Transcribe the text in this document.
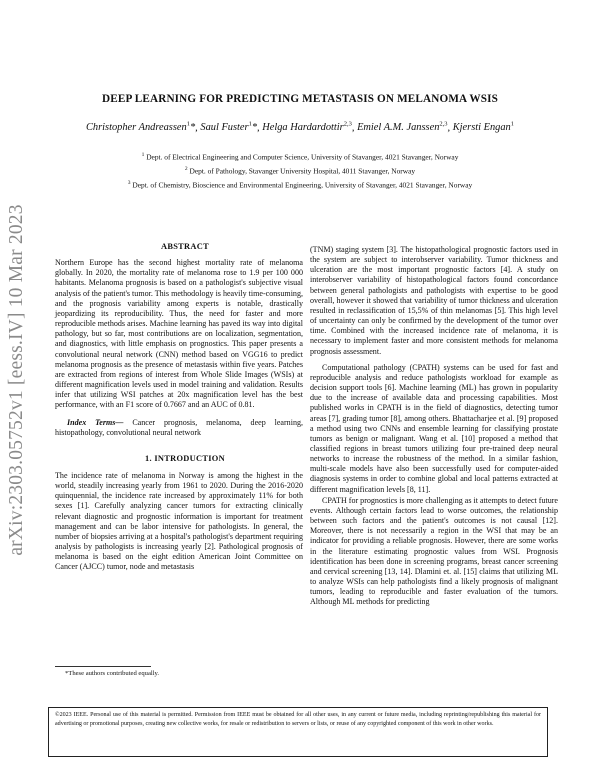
arXiv:2303.05752v1 [eess.IV] 10 Mar 2023
DEEP LEARNING FOR PREDICTING METASTASIS ON MELANOMA WSIS
Christopher Andreassen$^1$*, Saul Fuster$^1$*, Helga Hardardottir$^{2,3}$, Emiel A.M. Janssen$^{2,3}$, Kjersti Engan$^1$
$^1$ Dept. of Electrical Engineering and Computer Science, University of Stavanger, 4021 Stavanger, Norway
$^2$ Dept. of Pathology, Stavanger University Hospital, 4011 Stavanger, Norway
$^3$ Dept. of Chemistry, Bioscience and Environmental Engineering, University of Stavanger, 4021 Stavanger, Norway

ABSTRACT

Northern Europe has the second highest mortality rate of melanoma globally. In 2020, the mortality rate of melanoma rose to 1.9 per 100 000 habitants. Melanoma prognosis is based on a pathologist's subjective visual analysis of the patient's tumor. This methodology is heavily time-consuming, and the prognosis variability among experts is notable, drastically jeopardizing its reproducibility. Thus, the need for faster and more reproducible methods arises. Machine learning has paved its way into digital pathology, but so far, most contributions are on localization, segmentation, and diagnostics, with little emphasis on prognostics. This paper presents a convolutional neural network (CNN) method based on VGG16 to predict melanoma prognosis as the presence of metastasis within five years. Patches are extracted from regions of interest from Whole Slide Images (WSIs) at different magnification levels used in model training and validation. Results infer that utilizing WSI patches at 20x magnification level has the best performance, with an F1 score of 0.7667 and an AUC of 0.81.

Index Terms— Cancer prognosis, melanoma, deep learning, histopathology, convolutional neural network

1. INTRODUCTION

The incidence rate of melanoma in Norway is among the highest in the world, steadily increasing yearly from 1961 to 2020. During the 2016-2020 quinquennial, the incidence rate increased by approximately 11% for both sexes [1]. Carefully analyzing cancer tumors for extracting clinically relevant diagnostic and prognostic information is important for treatment management and can be labor intensive for pathologists. In general, the number of biopsies arriving at a hospital's pathologist's department requiring analysis by pathologists is increasing yearly [2]. Pathological prognosis of melanoma is based on the eight edition American Joint Committee on Cancer (AJCC) tumor, node and metastasis

*These authors contributed equally.

(TNM) staging system [3]. The histopathological prognostic factors used in the system are subject to interobserver variability. Tumor thickness and ulceration are the most important prognostic factors [4]. A study on interobserver variability of histopathological factors found concordance between general pathologists and pathologists with expertise to be good overall, however it showed that variability of tumor thickness and ulceration resulted in reclassification of 15,5% of thin melanomas [5]. This high level of uncertainty can only be confirmed by the development of the tumor over time. Combined with the increased incidence rate of melanoma, it is necessary to implement faster and more consistent methods for melanoma prognosis assessment.

Computational pathology (CPATH) systems can be used for fast and reproducible analysis and reduce pathologists workload for example as decision support tools [6]. Machine learning (ML) has grown in popularity due to the increase of available data and processing capabilities. Most published works in CPATH is in the field of diagnostics, detecting tumor areas [7], grading tumor [8], among others. Bhattacharjee et al. [9] proposed a method using two CNNs and ensemble learning for classifying prostate tumors as benign or malignant. Wang et al. [10] proposed a method that classified regions in breast tumors utilizing four pre-trained deep neural networks to increase the robustness of the method. In a similar fashion, multi-scale models have also been successfully used for computer-aided diagnosis systems in order to combine global and local patterns extracted at different magnification levels [8, 11].

CPATH for prognostics is more challenging as it attempts to detect future events. Although certain factors lead to worse outcomes, the relationship between such factors and the patient's outcomes is not causal [12]. Moreover, there is not necessarily a region in the WSI that may be an indicator for providing a reliable prognosis. However, there are some works in the literature estimating prognostic values from WSI. Prognosis identification has been done in screening programs, breast cancer screening and cervical screening [13, 14]. Dlamini et. al. [15] claims that utilizing ML to analyze WSIs can help pathologists find a likely prognosis of malignant tumors, leading to reproducible and faster evaluation of the tumors. Although ML methods for predicting

©2023 IEEE. Personal use of this material is permitted. Permission from IEEE must be obtained for all other uses, in any current or future media, including reprinting/republishing this material for advertising or promotional purposes, creating new collective works, for resale or redistribution to servers or lists, or reuse of any copyrighted component of this work in other works.
